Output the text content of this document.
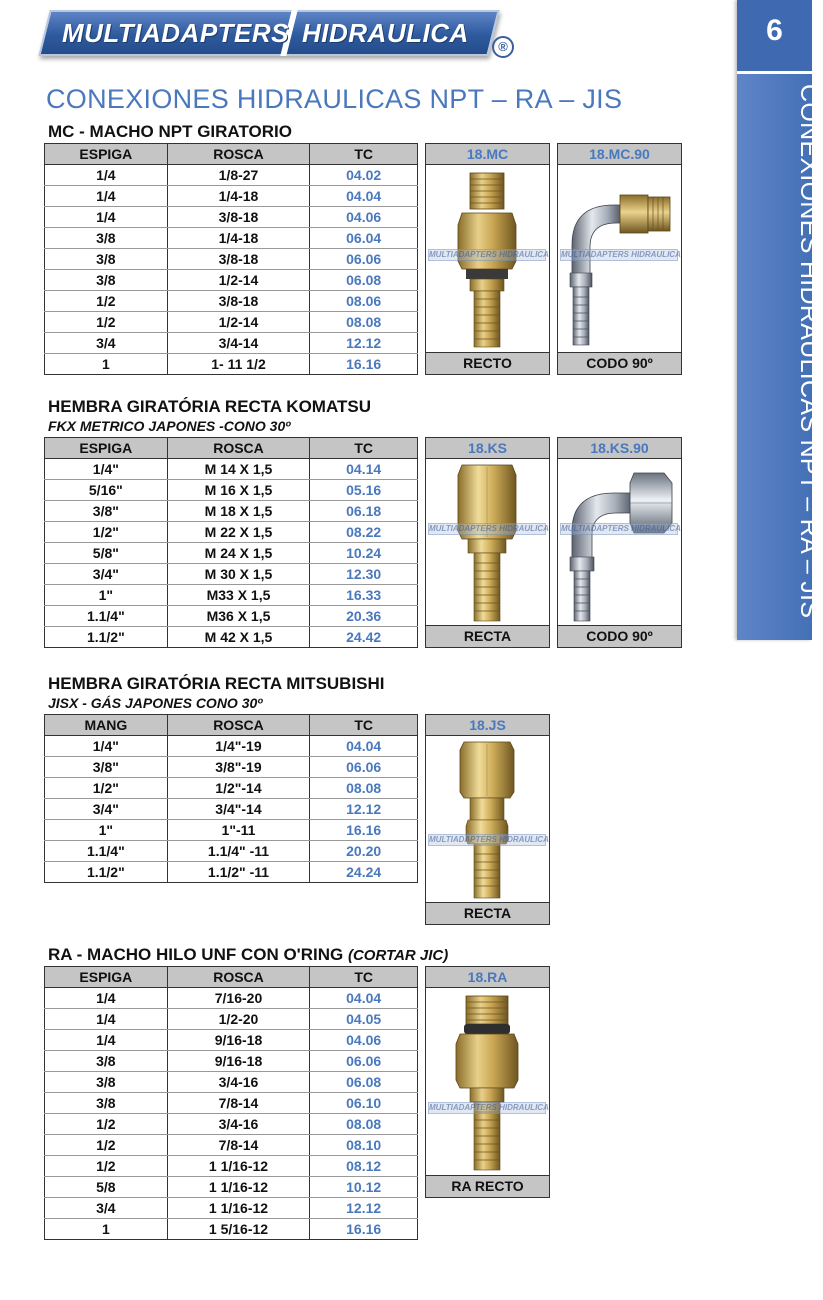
MULTIADAPTERS HIDRAULICA	®	6
CONEXIONES HIDRAULICAS NPT – RA – JIS
CONEXIONES HIDRAULICAS NPT – RA – JIS
MC - MACHO NPT GIRATORIO
ESPIGA	ROSCA	TC
1/4	1/8-27	04.02
1/4	1/4-18	04.04
1/4	3/8-18	04.06
3/8	1/4-18	06.04
3/8	3/8-18	06.06
3/8	1/2-14	06.08
1/2	3/8-18	08.06
1/2	1/2-14	08.08
3/4	3/4-14	12.12
1	1- 11 1/2	16.16
18.MC
MULTIADAPTERS HIDRAULICA
RECTO
18.MC.90
MULTIADAPTERS HIDRAULICA
CODO 90º
HEMBRA GIRATÓRIA RECTA KOMATSU
FKX METRICO JAPONES -CONO 30º
ESPIGA	ROSCA	TC
1/4"	M 14 X 1,5	04.14
5/16"	M 16 X 1,5	05.16
3/8"	M 18 X 1,5	06.18
1/2"	M 22 X 1,5	08.22
5/8"	M 24 X 1,5	10.24
3/4"	M 30 X 1,5	12.30
1"	M33 X 1,5	16.33
1.1/4"	M36 X 1,5	20.36
1.1/2"	M 42 X 1,5	24.42
18.KS
MULTIADAPTERS HIDRAULICA
RECTA
18.KS.90
MULTIADAPTERS HIDRAULICA
CODO 90º
HEMBRA GIRATÓRIA RECTA MITSUBISHI
JISX - GÁS JAPONES CONO 30º
MANG	ROSCA	TC
1/4"	1/4"-19	04.04
3/8"	3/8"-19	06.06
1/2"	1/2"-14	08.08
3/4"	3/4"-14	12.12
1"	1"-11	16.16
1.1/4"	1.1/4" -11	20.20
1.1/2"	1.1/2" -11	24.24
18.JS
MULTIADAPTERS HIDRAULICA
RECTA
RA - MACHO HILO UNF CON O'RING (CORTAR JIC)
ESPIGA	ROSCA	TC
1/4	7/16-20	04.04
1/4	1/2-20	04.05
1/4	9/16-18	04.06
3/8	9/16-18	06.06
3/8	3/4-16	06.08
3/8	7/8-14	06.10
1/2	3/4-16	08.08
1/2	7/8-14	08.10
1/2	1 1/16-12	08.12
5/8	1 1/16-12	10.12
3/4	1 1/16-12	12.12
1	1 5/16-12	16.16
18.RA
MULTIADAPTERS HIDRAULICA
RA RECTO
